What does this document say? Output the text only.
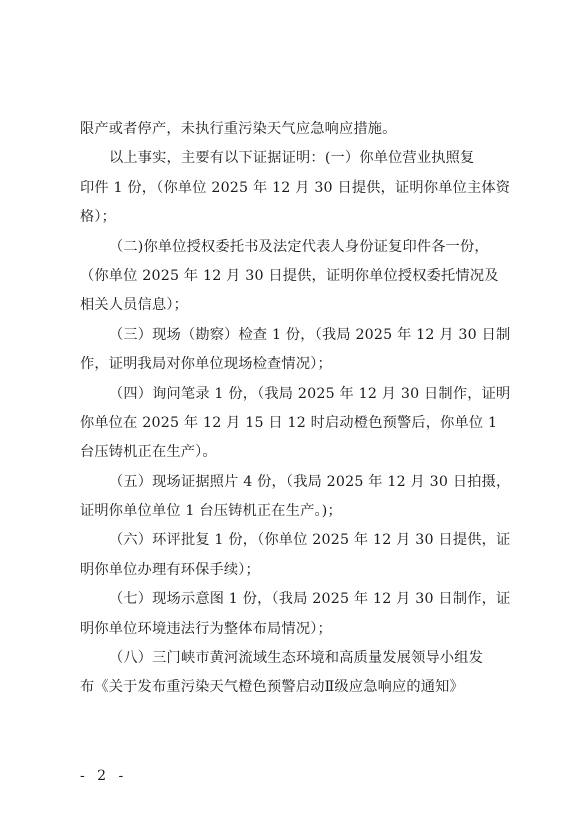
限产或者停产，未执行重污染天气应急响应措施。
以上事实，主要有以下证据证明：(一）你单位营业执照复
印件 1 份，（你单位 2025 年 12 月 30 日提供，证明你单位主体资
格）；
（二)你单位授权委托书及法定代表人身份证复印件各一份，
（你单位 2025 年 12 月 30 日提供，证明你单位授权委托情况及
相关人员信息）；
（三）现场（勘察）检查 1 份，（我局 2025 年 12 月 30 日制
作，证明我局对你单位现场检查情况）；
（四）询问笔录 1 份，（我局 2025 年 12 月 30 日制作，证明
你单位在 2025 年 12 月 15 日 12 时启动橙色预警后，你单位 1
台压铸机正在生产）。
（五）现场证据照片 4 份，（我局 2025 年 12 月 30 日拍摄，
证明你单位单位 1 台压铸机正在生产。)；
（六）环评批复 1 份，（你单位 2025 年 12 月 30 日提供，证
明你单位办理有环保手续）；
（七）现场示意图 1 份，（我局 2025 年 12 月 30 日制作，证
明你单位环境违法行为整体布局情况）；
（八）三门峡市黄河流域生态环境和高质量发展领导小组发
布《关于发布重污染天气橙色预警启动Ⅱ级应急响应的通知》
- 2 -
